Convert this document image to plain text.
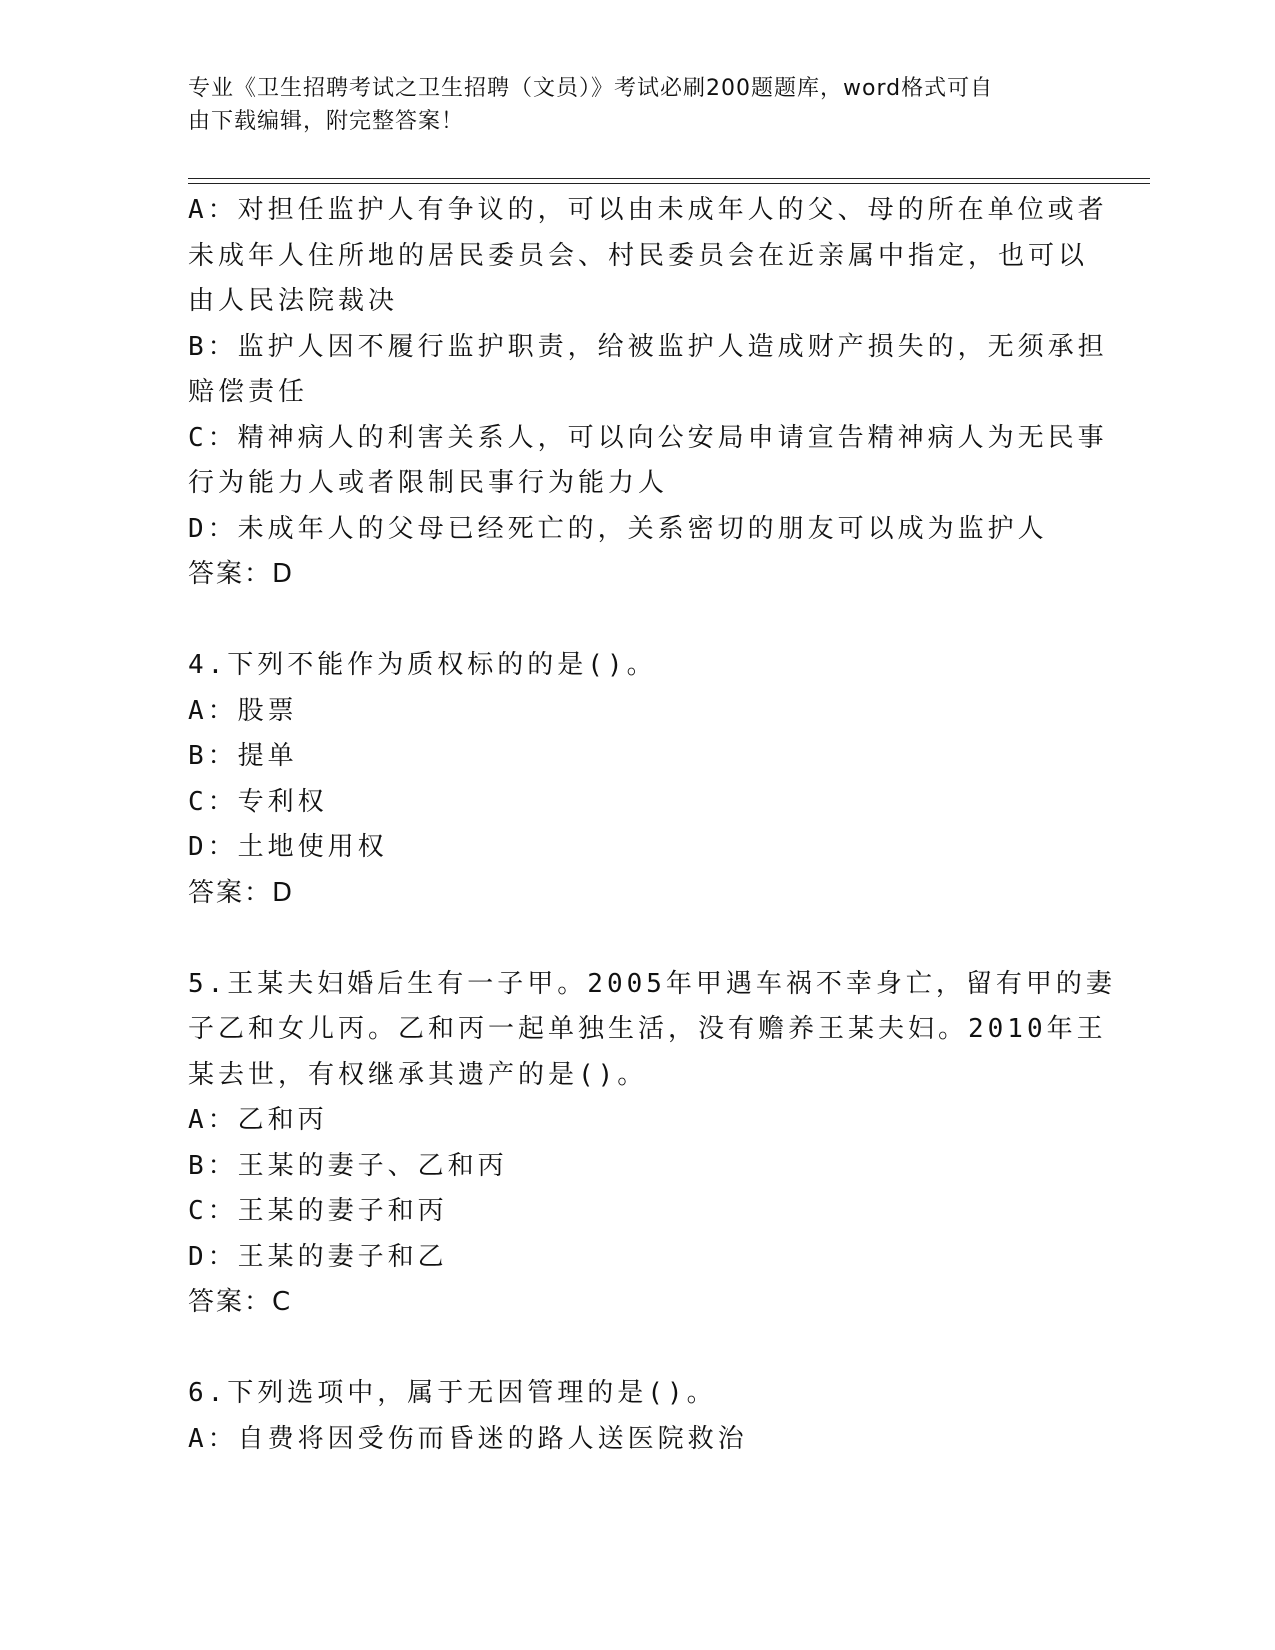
专业《卫生招聘考试之卫生招聘（文员）》考试必刷200题题库，word格式可自
由下载编辑，附完整答案！
A：对担任监护人有争议的，可以由未成年人的父、母的所在单位或者
未成年人住所地的居民委员会、村民委员会在近亲属中指定，也可以
由人民法院裁决
B：监护人因不履行监护职责，给被监护人造成财产损失的，无须承担
赔偿责任
C：精神病人的利害关系人，可以向公安局申请宣告精神病人为无民事
行为能力人或者限制民事行为能力人
D：未成年人的父母已经死亡的，关系密切的朋友可以成为监护人
答案：D
4.下列不能作为质权标的的是()。
A：股票
B：提单
C：专利权
D：土地使用权
答案：D
5.王某夫妇婚后生有一子甲。2005年甲遇车祸不幸身亡，留有甲的妻
子乙和女儿丙。乙和丙一起单独生活，没有赡养王某夫妇。2010年王
某去世，有权继承其遗产的是()。
A：乙和丙
B：王某的妻子、乙和丙
C：王某的妻子和丙
D：王某的妻子和乙
答案：C
6.下列选项中，属于无因管理的是()。
A：自费将因受伤而昏迷的路人送医院救治
